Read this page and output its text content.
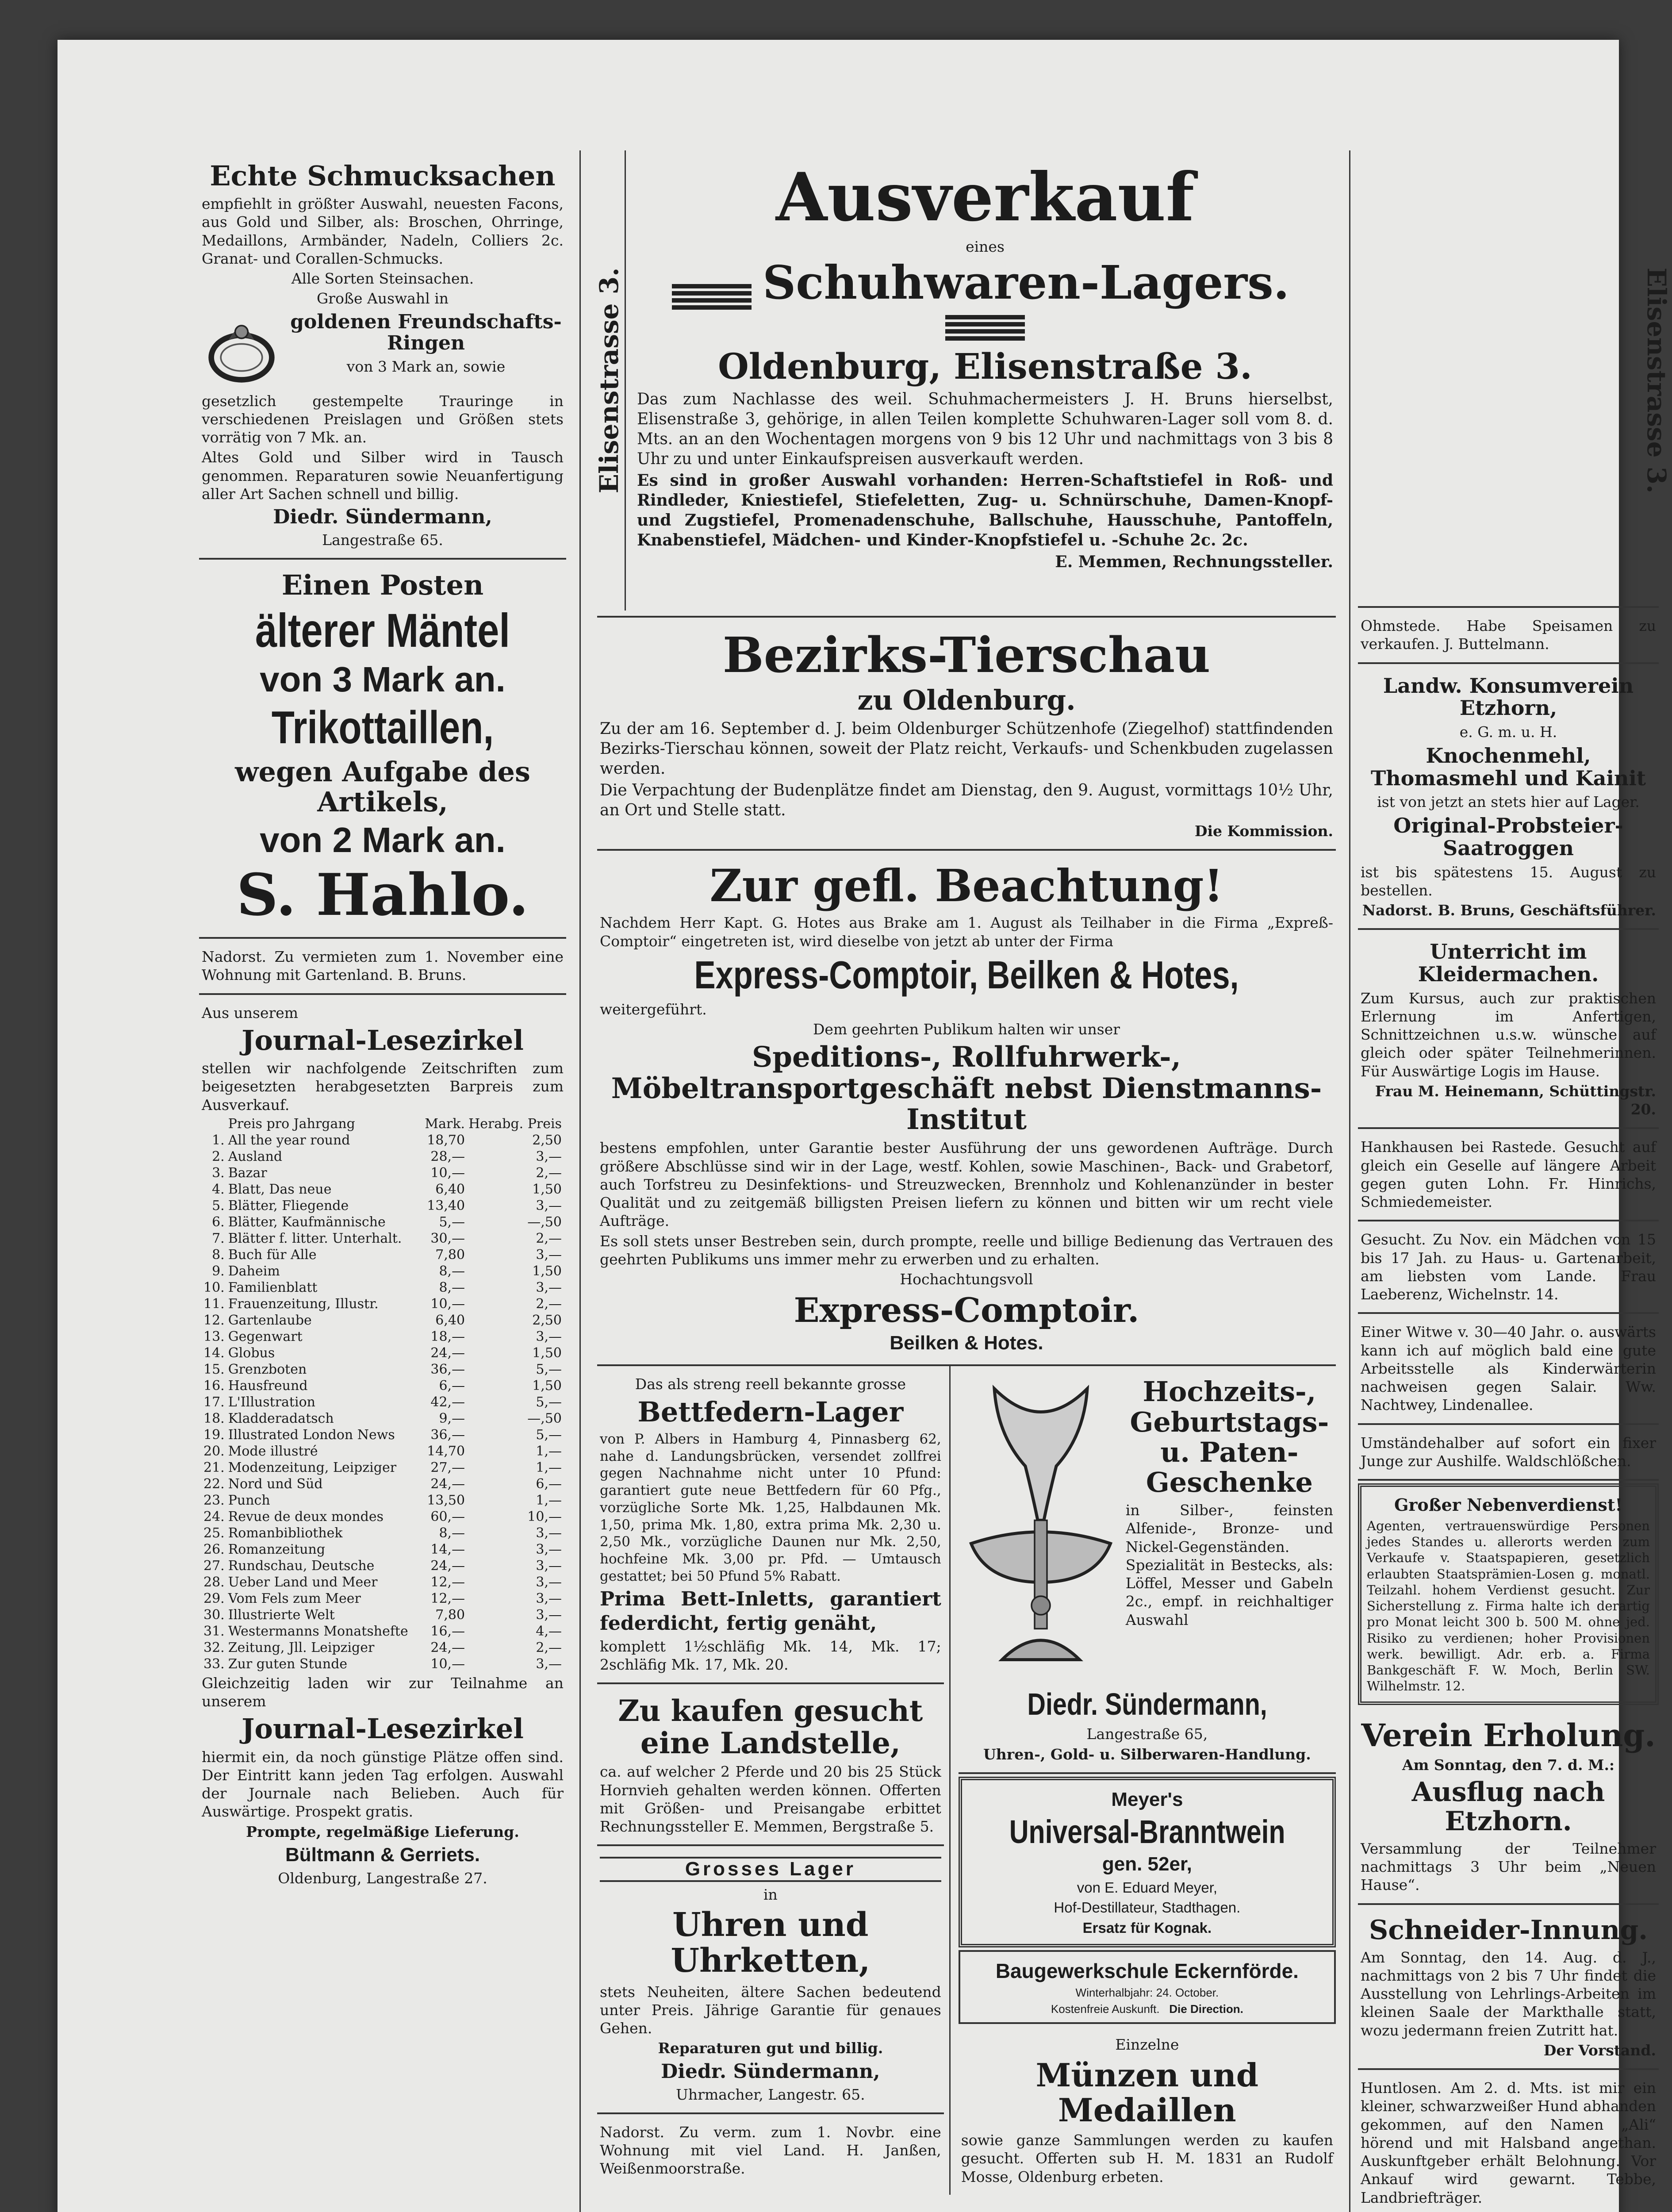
Echte Schmucksachen

empfiehlt in größter Auswahl, neuesten Facons, aus Gold und Silber, als: Broschen, Ohrringe, Medaillons, Armbänder, Nadeln, Colliers 2c. Granat- und Corallen-Schmucks.

Alle Sorten Steinsachen.

Große Auswahl in

goldenen Freundschafts-Ringen

von 3 Mark an, sowie

gesetzlich gestempelte Trauringe in verschiedenen Preislagen und Größen stets vorrätig von 7 Mk. an.

Altes Gold und Silber wird in Tausch genommen. Reparaturen sowie Neuanfertigung aller Art Sachen schnell und billig.

Diedr. Sündermann,

Langestraße 65.

Einen Posten
älterer Mäntel
von 3 Mark an.
Trikottaillen,
wegen Aufgabe des Artikels,
von 2 Mark an.
S. Hahlo.

Nadorst. Zu vermieten zum 1. November eine Wohnung mit Gartenland. B. Bruns.

Aus unserem

Journal-Lesezirkel

stellen wir nachfolgende Zeitschriften zum beigesetzten herabgesetzten Barpreis zum Ausverkauf.

	Preis pro Jahrgang	Mark.	Herabg. Preis
1.	All the year round	18,70	2,50
2.	Ausland	28,—	3,—
3.	Bazar	10,—	2,—
4.	Blatt, Das neue	6,40	1,50
5.	Blätter, Fliegende	13,40	3,—
6.	Blätter, Kaufmännische	5,—	—,50
7.	Blätter f. litter. Unterhalt.	30,—	2,—
8.	Buch für Alle	7,80	3,—
9.	Daheim	8,—	1,50
10.	Familienblatt	8,—	3,—
11.	Frauenzeitung, Illustr.	10,—	2,—
12.	Gartenlaube	6,40	2,50
13.	Gegenwart	18,—	3,—
14.	Globus	24,—	1,50
15.	Grenzboten	36,—	5,—
16.	Hausfreund	6,—	1,50
17.	L'Illustration	42,—	5,—
18.	Kladderadatsch	9,—	—,50
19.	Illustrated London News	36,—	5,—
20.	Mode illustré	14,70	1,—
21.	Modenzeitung, Leipziger	27,—	1,—
22.	Nord und Süd	24,—	6,—
23.	Punch	13,50	1,—
24.	Revue de deux mondes	60,—	10,—
25.	Romanbibliothek	8,—	3,—
26.	Romanzeitung	14,—	3,—
27.	Rundschau, Deutsche	24,—	3,—
28.	Ueber Land und Meer	12,—	3,—
29.	Vom Fels zum Meer	12,—	3,—
30.	Illustrierte Welt	7,80	3,—
31.	Westermanns Monatshefte	16,—	4,—
32.	Zeitung, Jll. Leipziger	24,—	2,—
33.	Zur guten Stunde	10,—	3,—

Gleichzeitig laden wir zur Teilnahme an unserem

Journal-Lesezirkel

hiermit ein, da noch günstige Plätze offen sind. Der Eintritt kann jeden Tag erfolgen. Auswahl der Journale nach Belieben. Auch für Auswärtige. Prospekt gratis.

Prompte, regelmäßige Lieferung.

Bültmann & Gerriets.

Oldenburg, Langestraße 27.

Elisenstrasse 3.
Ausverkauf

eines

Schuhwaren-Lagers.
Oldenburg, Elisenstraße 3.

Das zum Nachlasse des weil. Schuhmachermeisters J. H. Bruns hierselbst, Elisenstraße 3, gehörige, in allen Teilen komplette Schuhwaren-Lager soll vom 8. d. Mts. an an den Wochentagen morgens von 9 bis 12 Uhr und nachmittags von 3 bis 8 Uhr zu und unter Einkaufspreisen ausverkauft werden.

Es sind in großer Auswahl vorhanden: Herren-Schaftstiefel in Roß- und Rindleder, Kniestiefel, Stiefeletten, Zug- u. Schnürschuhe, Damen-Knopf- und Zugstiefel, Promenadenschuhe, Ballschuhe, Hausschuhe, Pantoffeln, Knabenstiefel, Mädchen- und Kinder-Knopfstiefel u. -Schuhe 2c. 2c.

E. Memmen, Rechnungssteller.

Bezirks-Tierschau
zu Oldenburg.

Zu der am 16. September d. J. beim Oldenburger Schützenhofe (Ziegelhof) stattfindenden Bezirks-Tierschau können, soweit der Platz reicht, Verkaufs- und Schenkbuden zugelassen werden.

Die Verpachtung der Budenplätze findet am Dienstag, den 9. August, vormittags 10½ Uhr, an Ort und Stelle statt.

Die Kommission.

Zur gefl. Beachtung!

Nachdem Herr Kapt. G. Hotes aus Brake am 1. August als Teilhaber in die Firma „Expreß-Comptoir“ eingetreten ist, wird dieselbe von jetzt ab unter der Firma

Express-Comptoir, Beilken & Hotes,

weitergeführt.

Dem geehrten Publikum halten wir unser

Speditions-, Rollfuhrwerk-, Möbeltransportgeschäft nebst Dienstmanns-Institut

bestens empfohlen, unter Garantie bester Ausführung der uns gewordenen Aufträge. Durch größere Abschlüsse sind wir in der Lage, westf. Kohlen, sowie Maschinen-, Back- und Grabetorf, auch Torfstreu zu Desinfektions- und Streuzwecken, Brennholz und Kohlenanzünder in bester Qualität und zu zeitgemäß billigsten Preisen liefern zu können und bitten wir um recht viele Aufträge.

Es soll stets unser Bestreben sein, durch prompte, reelle und billige Bedienung das Vertrauen des geehrten Publikums uns immer mehr zu erwerben und zu erhalten.

Hochachtungsvoll

Express-Comptoir.
Beilken & Hotes.

Das als streng reell bekannte grosse

Bettfedern-Lager

von P. Albers in Hamburg 4, Pinnasberg 62, nahe d. Landungsbrücken, versendet zollfrei gegen Nachnahme nicht unter 10 Pfund: garantiert gute neue Bettfedern für 60 Pfg., vorzügliche Sorte Mk. 1,25, Halbdaunen Mk. 1,50, prima Mk. 1,80, extra prima Mk. 2,30 u. 2,50 Mk., vorzügliche Daunen nur Mk. 2,50, hochfeine Mk. 3,00 pr. Pfd. — Umtausch gestattet; bei 50 Pfund 5% Rabatt.

Prima Bett-Inletts, garantiert federdicht, fertig genäht,

komplett 1½schläfig Mk. 14, Mk. 17; 2schläfig Mk. 17, Mk. 20.

Zu kaufen gesucht eine Landstelle,

ca. auf welcher 2 Pferde und 20 bis 25 Stück Hornvieh gehalten werden können. Offerten mit Größen- und Preisangabe erbittet Rechnungssteller E. Memmen, Bergstraße 5.

Grosses Lager

in

Uhren und Uhrketten,

stets Neuheiten, ältere Sachen bedeutend unter Preis. Jährige Garantie für genaues Gehen.

Reparaturen gut und billig.

Diedr. Sündermann,

Uhrmacher, Langestr. 65.

Nadorst. Zu verm. zum 1. Novbr. eine Wohnung mit viel Land. H. Janßen, Weißenmoorstraße.

Hochzeits-, Geburtstags-u. Paten-Geschenke

in Silber-, feinsten Alfenide-, Bronze- und Nickel-Gegenständen. Spezialität in Bestecks, als: Löffel, Messer und Gabeln 2c., empf. in reichhaltiger Auswahl

Diedr. Sündermann,

Langestraße 65,

Uhren-, Gold- u. Silberwaren-Handlung.

Meyer's
Universal-Branntwein
gen. 52er,

von E. Eduard Meyer,

Hof-Destillateur, Stadthagen.

Ersatz für Kognak.

Baugewerkschule Eckernförde.

Winterhalbjahr: 24. October.

Kostenfreie Auskunft. Die Direction.

Einzelne

Münzen und Medaillen

sowie ganze Sammlungen werden zu kaufen gesucht. Offerten sub H. M. 1831 an Rudolf Mosse, Oldenburg erbeten.

Elisenstrasse 3.

Ohmstede. Habe Speisamen zu verkaufen. J. Buttelmann.

Landw. Konsumverein Etzhorn,

e. G. m. u. H.

Knochenmehl, Thomasmehl und Kainit

ist von jetzt an stets hier auf Lager.

Original-Probsteier-Saatroggen

ist bis spätestens 15. August zu bestellen.

Nadorst. B. Bruns, Geschäftsführer.

Unterricht im Kleidermachen.

Zum Kursus, auch zur praktischen Erlernung im Anfertigen, Schnittzeichnen u.s.w. wünsche auf gleich oder später Teilnehmerinnen. Für Auswärtige Logis im Hause.

Frau M. Heinemann, Schüttingstr. 20.

Hankhausen bei Rastede. Gesucht auf gleich ein Geselle auf längere Arbeit gegen guten Lohn. Fr. Hinrichs, Schmiedemeister.

Gesucht. Zu Nov. ein Mädchen von 15 bis 17 Jah. zu Haus- u. Gartenarbeit, am liebsten vom Lande. Frau Laeberenz, Wichelnstr. 14.

Einer Witwe v. 30—40 Jahr. o. auswärts kann ich auf möglich bald eine gute Arbeitsstelle als Kinderwärterin nachweisen gegen Salair. Ww. Nachtwey, Lindenallee.

Umständehalber auf sofort ein fixer Junge zur Aushilfe. Waldschlößchen.

Großer Nebenverdienst!

Agenten, vertrauenswürdige Personen jedes Standes u. allerorts werden zum Verkaufe v. Staatspapieren, gesetzlich erlaubten Staatsprämien-Losen g. monatl. Teilzahl. hohem Verdienst gesucht. Zur Sicherstellung z. Firma halte ich derartig pro Monat leicht 300 b. 500 M. ohne jed. Risiko zu verdienen; hoher Provisionen werk. bewilligt. Adr. erb. a. Firma Bankgeschäft F. W. Moch, Berlin SW. Wilhelmstr. 12.

Verein Erholung.

Am Sonntag, den 7. d. M.:

Ausflug nach Etzhorn.

Versammlung der Teilnehmer nachmittags 3 Uhr beim „Neuen Hause“.

Schneider-Innung.

Am Sonntag, den 14. Aug. d. J., nachmittags von 2 bis 7 Uhr findet die Ausstellung von Lehrlings-Arbeiten im kleinen Saale der Markthalle statt, wozu jedermann freien Zutritt hat.

Der Vorstand.

Huntlosen. Am 2. d. Mts. ist mir ein kleiner, schwarzweißer Hund abhanden gekommen, auf den Namen „Ali“ hörend und mit Halsband angethan. Auskunftgeber erhält Belohnung. Vor Ankauf wird gewarnt. Tebbe, Landbriefträger.
